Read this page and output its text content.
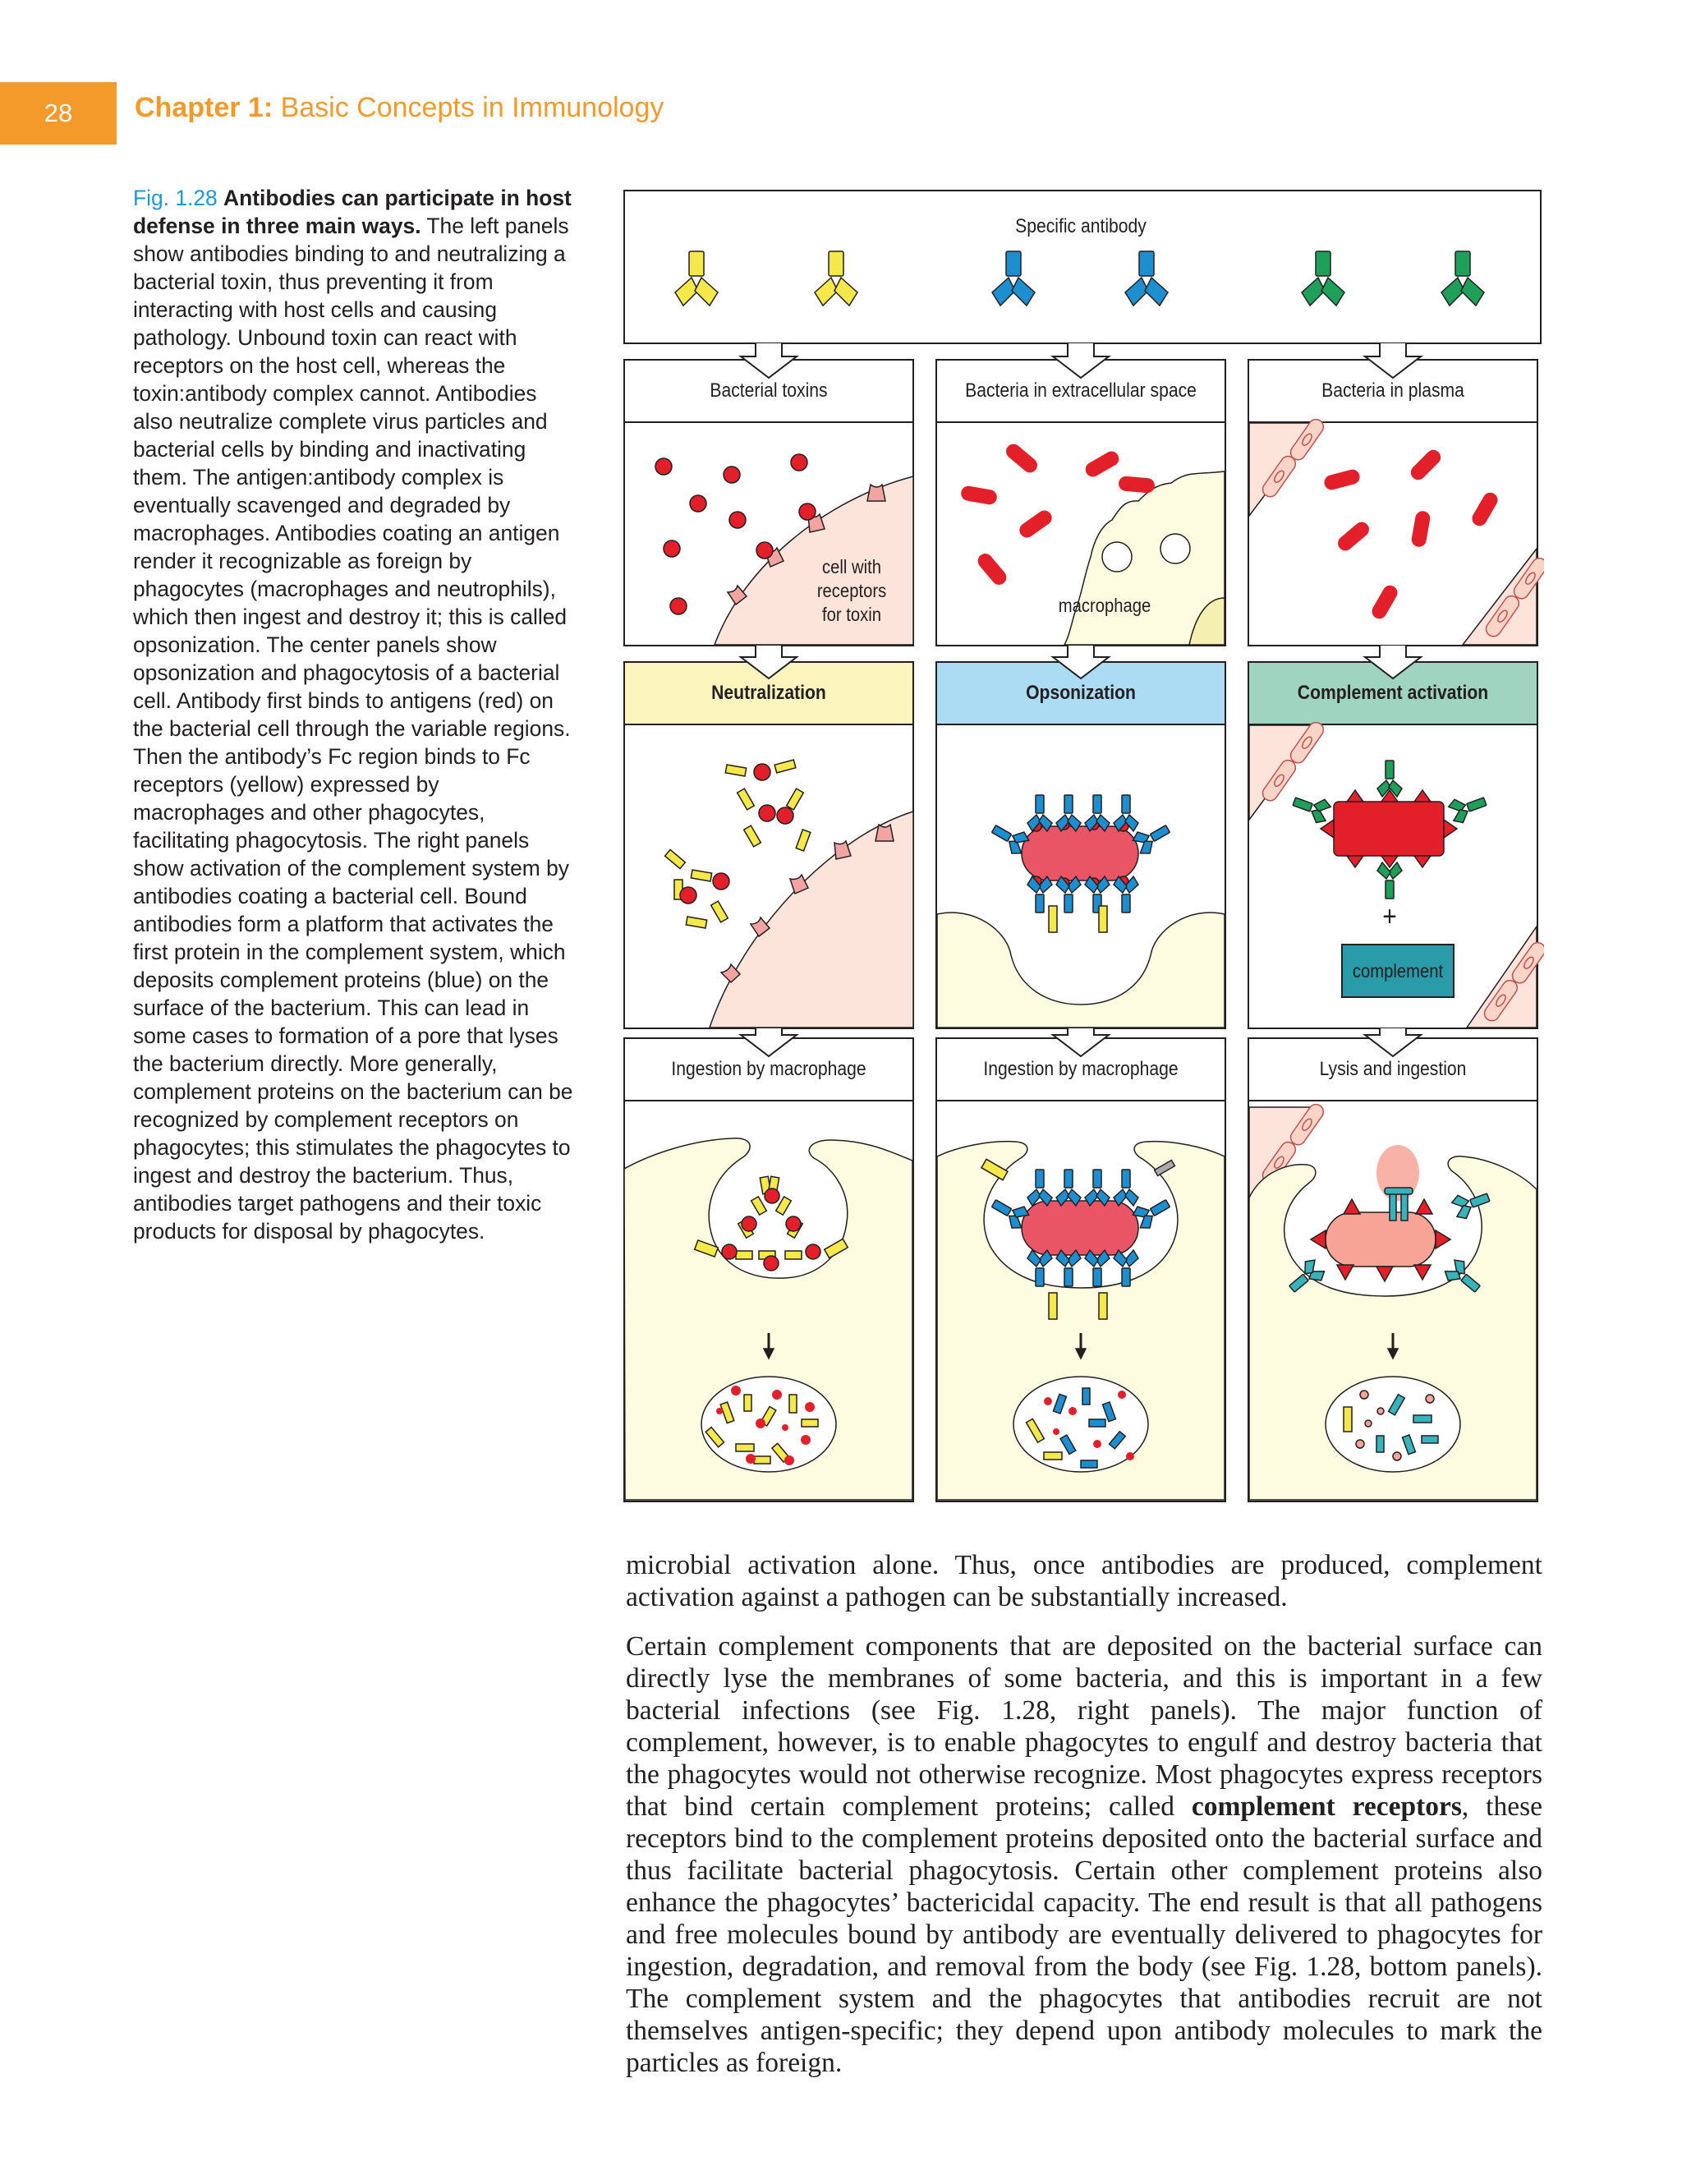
28	Chapter 1: Basic Concepts in Immunology
Fig. 1.28 Antibodies can participate in host defense in three main ways. The left panels show antibodies binding to and neutralizing a bacterial toxin, thus preventing it from interacting with host cells and causing pathology. Unbound toxin can react with receptors on the host cell, whereas the toxin:antibody complex cannot. Antibodies also neutralize complete virus particles and bacterial cells by binding and inactivating them. The antigen:antibody complex is eventually scavenged and degraded by macrophages. Antibodies coating an antigen render it recognizable as foreign by phagocytes (macrophages and neutrophils), which then ingest and destroy it; this is called opsonization. The center panels show opsonization and phagocytosis of a bacterial cell. Antibody first binds to antigens (red) on the bacterial cell through the variable regions. Then the antibody’s Fc region binds to Fc receptors (yellow) expressed by macrophages and other phagocytes, facilitating phagocytosis. The right panels show activation of the complement system by antibodies coating a bacterial cell. Bound antibodies form a platform that activates the first protein in the complement system, which deposits complement proteins (blue) on the surface of the bacterium. This can lead in some cases to formation of a pore that lyses the bacterium directly. More generally, complement proteins on the bacterium can be recognized by complement receptors on phagocytes; this stimulates the phagocytes to ingest and destroy the bacterium. Thus, antibodies target pathogens and their toxic products for disposal by phagocytes.
Specific antibody
Bacterial toxins	Bacteria in extracellular space	Bacteria in plasma
Neutralization	Opsonization	Complement activation
Ingestion by macrophage	Ingestion by macrophage	Lysis and ingestion
cell with
receptors
for toxin	macrophage
+
complement

microbial activation alone. Thus, once antibodies are produced, complement activation against a pathogen can be substantially increased.

Certain complement components that are deposited on the bacterial surface can directly lyse the membranes of some bacteria, and this is important in a few bacterial infections (see Fig. 1.28, right panels). The major function of complement, however, is to enable phagocytes to engulf and destroy bacteria that the phagocytes would not otherwise recognize. Most phagocytes express receptors that bind certain complement proteins; called complement receptors, these receptors bind to the complement proteins deposited onto the bacterial surface and thus facilitate bacterial phagocytosis. Certain other complement proteins also enhance the phagocytes’ bactericidal capacity. The end result is that all pathogens and free molecules bound by antibody are eventually delivered to phagocytes for ingestion, degradation, and removal from the body (see Fig. 1.28, bottom panels). The complement system and the phagocytes that antibodies recruit are not themselves antigen-specific; they depend upon antibody molecules to mark the particles as foreign.
